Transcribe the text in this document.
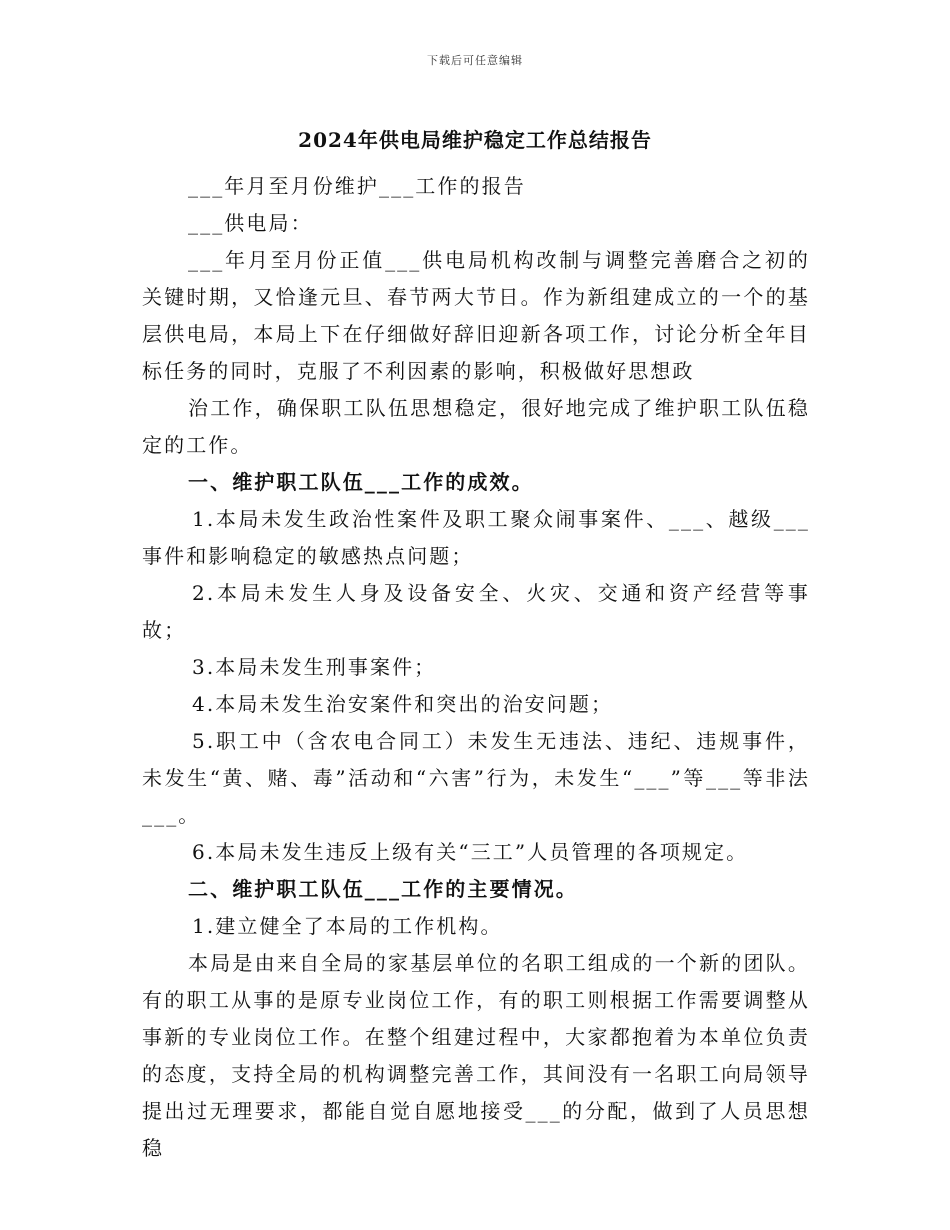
下载后可任意编辑
2024年供电局维护稳定工作总结报告

___年月至月份维护___工作的报告

___供电局：

___年月至月份正值___供电局机构改制与调整完善磨合之初的关键时期，又恰逢元旦、春节两大节日。作为新组建成立的一个的基层供电局，本局上下在仔细做好辞旧迎新各项工作，讨论分析全年目标任务的同时，克服了不利因素的影响，积极做好思想政

治工作，确保职工队伍思想稳定，很好地完成了维护职工队伍稳定的工作。

一、维护职工队伍___工作的成效。

1.本局未发生政治性案件及职工聚众闹事案件、___、越级___事件和影响稳定的敏感热点问题；

2.本局未发生人身及设备安全、火灾、交通和资产经营等事故；

3.本局未发生刑事案件；

4.本局未发生治安案件和突出的治安问题；

5.职工中（含农电合同工）未发生无违法、违纪、违规事件，未发生“黄、赌、毒”活动和“六害”行为，未发生“___”等___等非法___。

6.本局未发生违反上级有关“三工”人员管理的各项规定。

二、维护职工队伍___工作的主要情况。

1.建立健全了本局的工作机构。

本局是由来自全局的家基层单位的名职工组成的一个新的团队。有的职工从事的是原专业岗位工作，有的职工则根据工作需要调整从事新的专业岗位工作。在整个组建过程中，大家都抱着为本单位负责的态度，支持全局的机构调整完善工作，其间没有一名职工向局领导提出过无理要求，都能自觉自愿地接受___的分配，做到了人员思想稳
